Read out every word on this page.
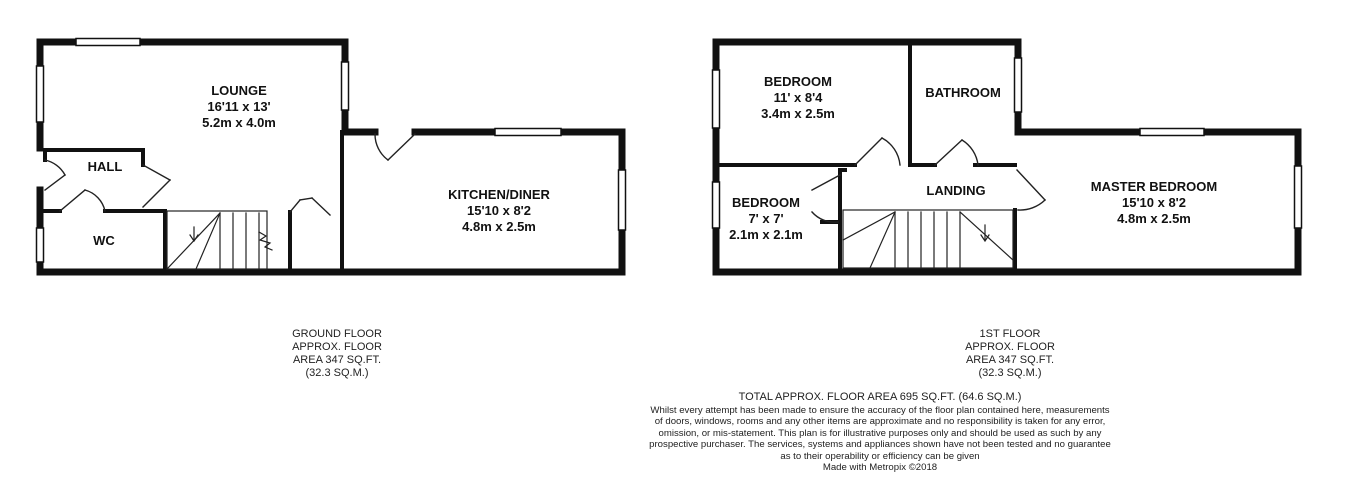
LOUNGE
16'11 x 13'
5.2m x 4.0m
HALL
WC
KITCHEN/DINER
15'10 x 8'2
4.8m x 2.5m
BEDROOM
11' x 8'4
3.4m x 2.5m
BATHROOM
BEDROOM
7' x 7'
2.1m x 2.1m
LANDING	MASTER BEDROOM
15'10 x 8'2
4.8m x 2.5m
GROUND FLOOR
APPROX. FLOOR
AREA 347 SQ.FT.
(32.3 SQ.M.)
1ST FLOOR
APPROX. FLOOR
AREA 347 SQ.FT.
(32.3 SQ.M.)
TOTAL APPROX. FLOOR AREA 695 SQ.FT. (64.6 SQ.M.)
Whilst every attempt has been made to ensure the accuracy of the floor plan contained here, measurements
of doors, windows, rooms and any other items are approximate and no responsibility is taken for any error,
omission, or mis-statement. This plan is for illustrative purposes only and should be used as such by any
prospective purchaser. The services, systems and appliances shown have not been tested and no guarantee
as to their operability or efficiency can be given
Made with Metropix ©2018
